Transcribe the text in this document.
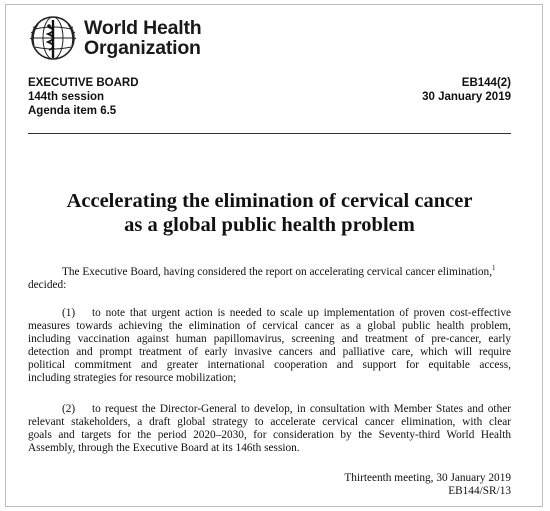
World Health
Organization
EXECUTIVE BOARD
144th session
Agenda item 6.5
EB144(2)
30 January 2019
Accelerating the elimination of cervical cancer
as a global public health problem
The Executive Board, having considered the report on accelerating cervical cancer elimination,$^1$
decided:
(1) to note that urgent action is needed to scale up implementation of proven cost-effective
measures towards achieving the elimination of cervical cancer as a global public health problem,
including vaccination against human papillomavirus, screening and treatment of pre-cancer, early
detection and prompt treatment of early invasive cancers and palliative care, which will require
political commitment and greater international cooperation and support for equitable access,
including strategies for resource mobilization;
(2) to request the Director-General to develop, in consultation with Member States and other
relevant stakeholders, a draft global strategy to accelerate cervical cancer elimination, with clear
goals and targets for the period 2020–2030, for consideration by the Seventy-third World Health
Assembly, through the Executive Board at its 146th session.
Thirteenth meeting, 30 January 2019
EB144/SR/13
